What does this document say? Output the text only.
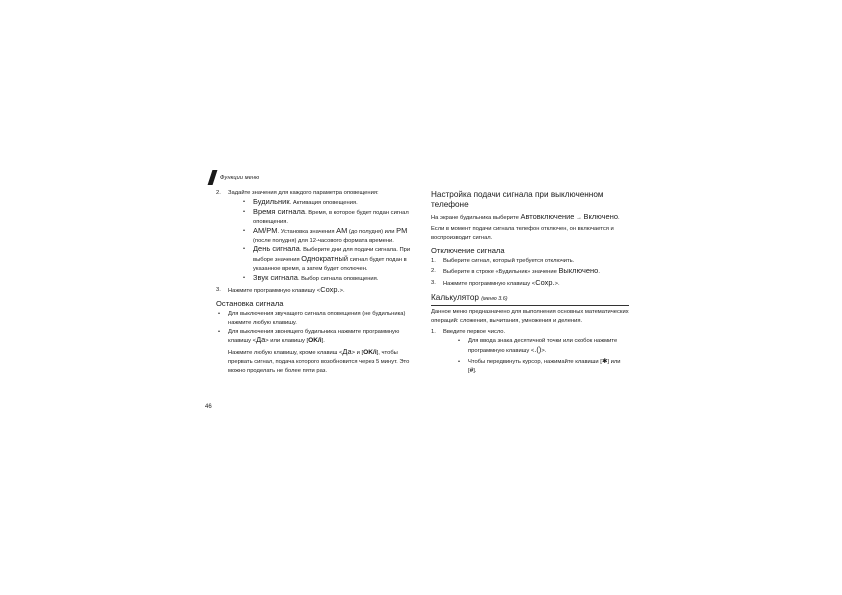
Функции меню
2. Задайте значения для каждого параметра оповещения:

• Будильник. Активация оповещения.

• Время сигнала. Время, в которое будет подан сигнал оповещения.

• AM/PM. Установка значения AM (до полудня) или PM (после полудня) для 12-часового формата времени.

• День сигнала. Выберите дни для подачи сигнала. При выборе значения Однократный сигнал будет подан в указанное время, а затем будет отключен.

• Звук сигнала. Выбор сигнала оповещения.

3. Нажмите программную клавишу <Сохр.>.

Остановка сигнала

• Для выключения звучащего сигнала оповещения (не будильника) нажмите любую клавишу.

• Для выключения звонящего будильника нажмите программную клавишу <Да> или клавишу [OK/i].

Нажмите любую клавишу, кроме клавиш <Да> и [OK/i], чтобы прервать сигнал, подача которого возобновится через 5 минут. Это можно проделать не более пяти раз.

Настройка подачи сигнала при выключенном телефоне

На экране будильника выберите Автовключение → Включено.

Если в момент подачи сигнала телефон отключен, он включается и воспроизводит сигнал.

Отключение сигнала
1. Выберите сигнал, который требуется отключить.

2. Выберите в строке «Будильник» значение Выключено.

3. Нажмите программную клавишу <Сохр.>.

Калькулятор (меню 3.6)

Данное меню предназначено для выполнения основных математических операций: сложения, вычитания, умножения и деления.

1. Введите первое число.

• Для ввода знака десятичной точки или скобок нажмите программную клавишу <.()>.

• Чтобы передвинуть курсор, нажимайте клавиши [✱] или [#].

46
